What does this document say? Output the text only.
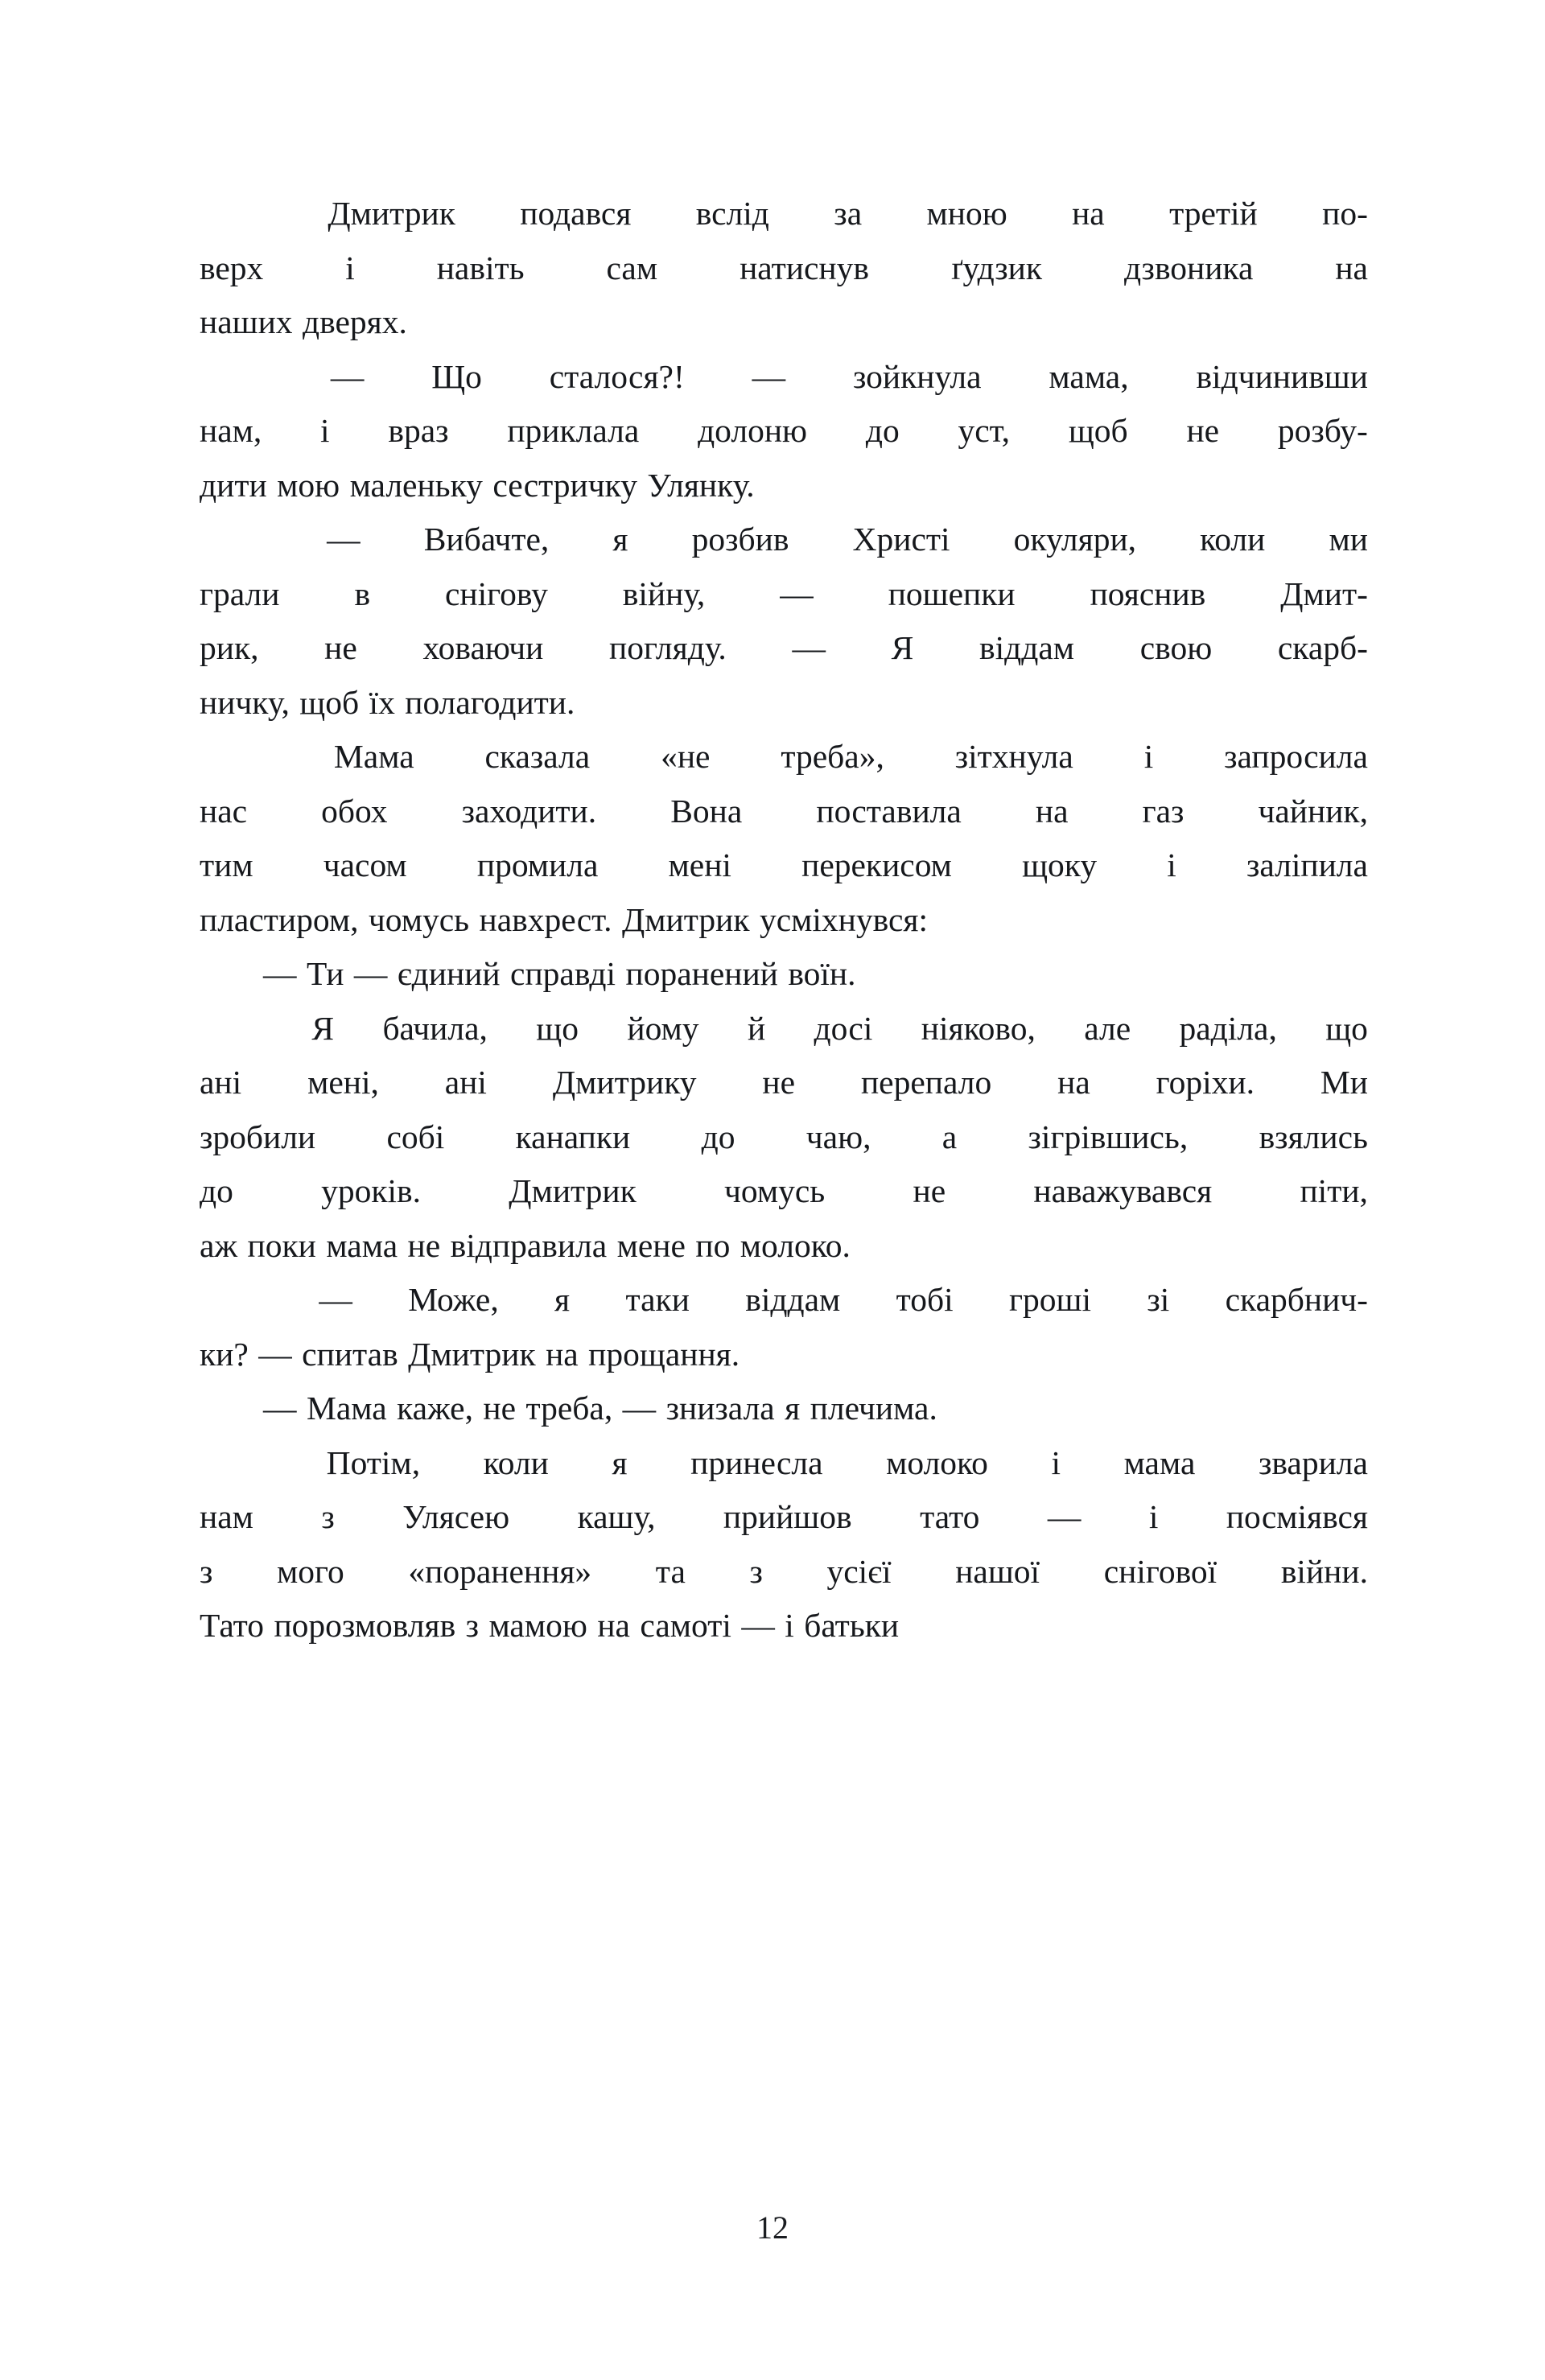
Дмитрик подався вслід за мною на третій по-
верх і навіть сам натиснув ґудзик дзвоника на
наших дверях.
— Що сталося?! — зойкнула мама, відчинивши
нам, і враз приклала долоню до уст, щоб не розбу-
дити мою маленьку сестричку Улянку.
— Вибачте, я розбив Христі окуляри, коли ми
грали в снігову війну, — пошепки пояснив Дмит-
рик, не ховаючи погляду. — Я віддам свою скарб-
ничку, щоб їх полагодити.
Мама сказала «не треба», зітхнула і запросила
нас обох заходити. Вона поставила на газ чайник,
тим часом промила мені перекисом щоку і заліпила
пластиром, чомусь навхрест. Дмитрик усміхнувся:
— Ти — єдиний справді поранений воїн.
Я бачила, що йому й досі ніяково, але раділа, що
ані мені, ані Дмитрику не перепало на горіхи. Ми
зробили собі канапки до чаю, а зігрівшись, взялись
до	уроків.	Дмитрик	чомусь	не	наважувався	піти,
аж поки мама не відправила мене по молоко.
— Може, я таки віддам тобі гроші зі скарбнич-
ки? — спитав Дмитрик на прощання.
— Мама каже, не треба, — знизала я плечима.
Потім, коли я принесла молоко і мама зварила
нам з Улясею кашу, прийшов тато — і посміявся
з мого «поранення» та з усієї нашої снігової війни.
Тато порозмовляв з мамою на самоті — і батьки
12
